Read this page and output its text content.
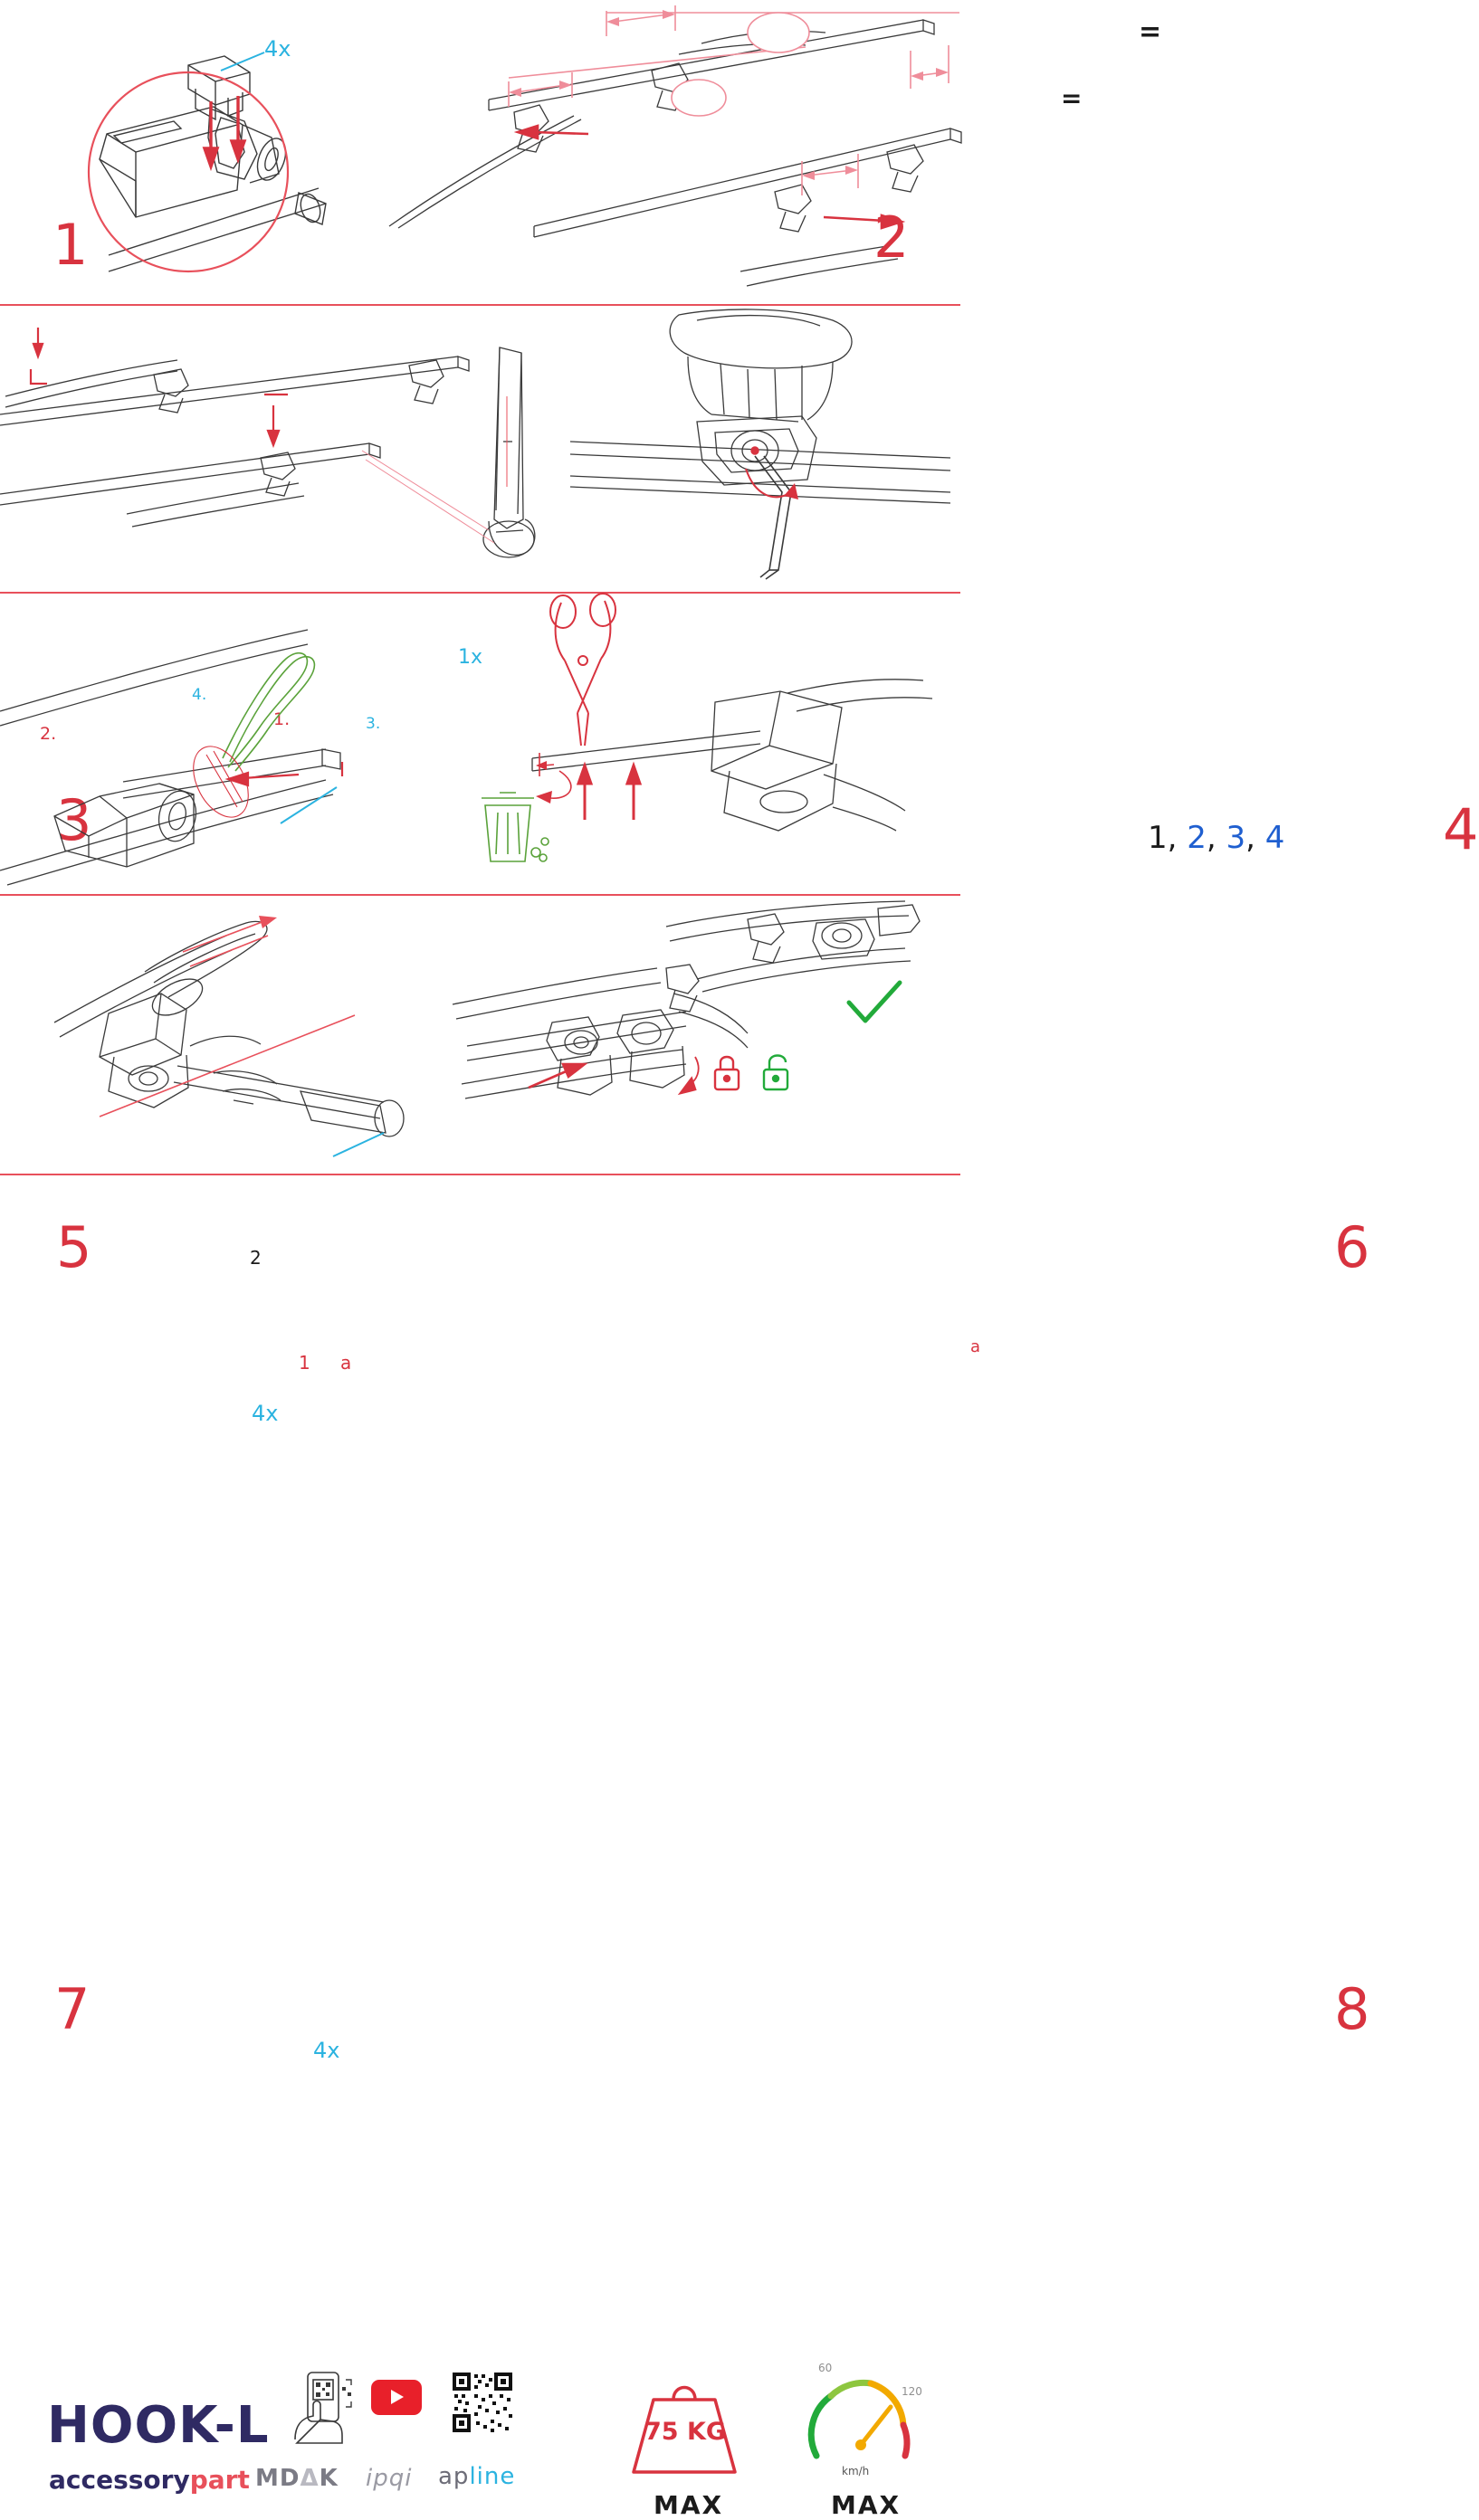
4x
1
=
=
2
2.
1.	3.
4.
1x
3	1, 2, 3, 4	4
5
1
2
a
4x
a
6
7
4x
8
75 KG
MAX
60
120
km/h
MAX
HOOK-L
accessorypart MDΔK ipqi apline
